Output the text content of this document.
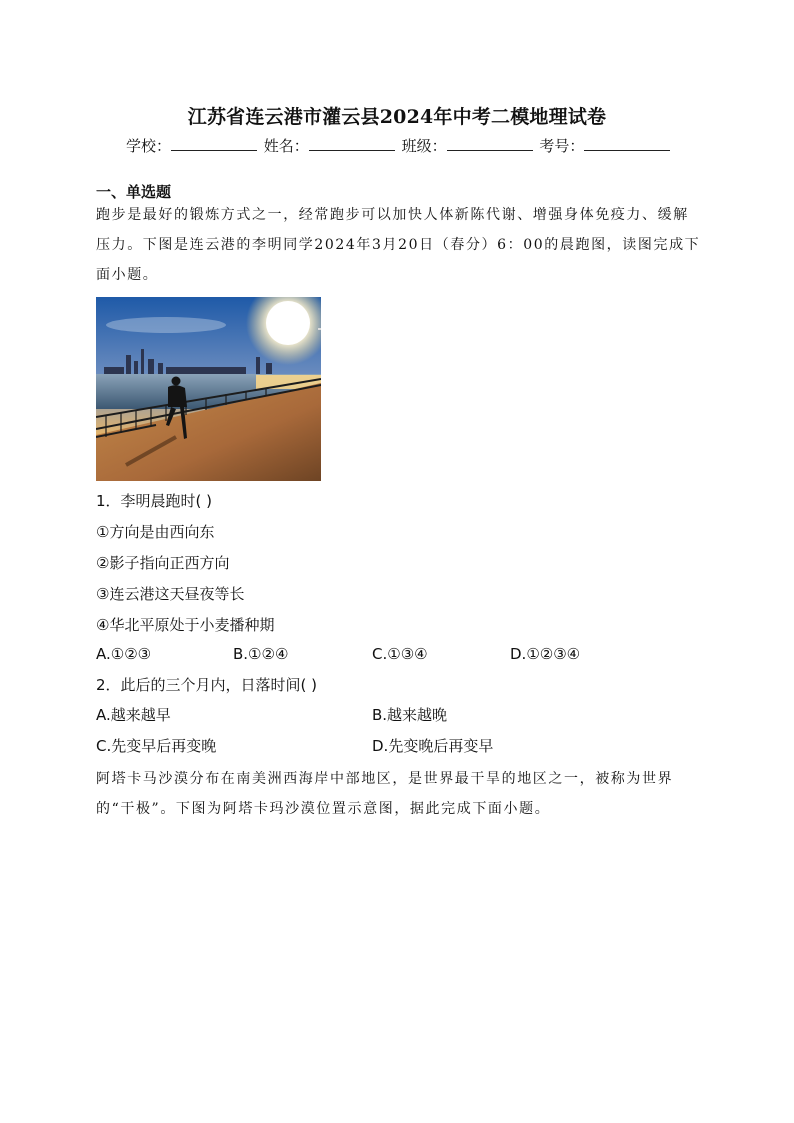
江苏省连云港市灌云县2024年中考二模地理试卷
学校：	姓名：	班级：	考号：
一、单选题
跑步是最好的锻炼方式之一，经常跑步可以加快人体新陈代谢、增强身体免疫力、缓解压力。下图是连云港的李明同学2024年3月20日（春分）6：00的晨跑图，读图完成下面小题。
1．李明晨跑时( )
①方向是由西向东
②影子指向正西方向
③连云港这天昼夜等长
④华北平原处于小麦播种期
A.①②③	B.①②④	C.①③④	D.①②③④
2．此后的三个月内，日落时间( )
A.越来越早	B.越来越晚
C.先变早后再变晚	D.先变晚后再变早
阿塔卡马沙漠分布在南美洲西海岸中部地区，是世界最干旱的地区之一，被称为世界的“干极”。下图为阿塔卡玛沙漠位置示意图，据此完成下面小题。
